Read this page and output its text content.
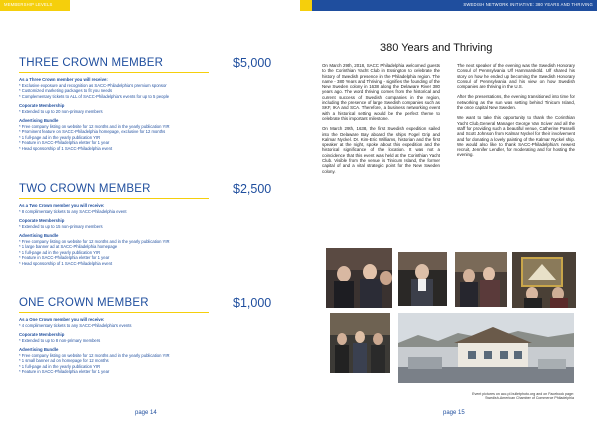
MEMBERSHIP LEVELS
THREE CROWN MEMBER	$5,000
As a Three Crown member you will receive:
* Exclusive exposure and recognition as SACC-Philadelphia's premium sponsor
* Customized marketing packages to fit you needs
* Complementary tickets to ALL of SACC-Philadelphia's events for up to 5 people
Coporate Membership
* Extended to up to 20 non-primary members
Advertising Bundle
* Free company listing on website for 12 months and in the yearly publication YIR
* Prominent feature on SACC-Philadelphia homepage, exclusive for 12 months
* 1 full-page ad in the yearly publication YIR
* Feature in SACC-Philadelphia eletter for 1 year
* Head sponsorship of 1 SACC-Philadelphia event
TWO CROWN MEMBER	$2,500
As a Two Crown member you will receive:
* 8 complimentary tickets to any SACC-Philadelphia event
Coporate Membership
* Extended to up to 15 non-primary members
Advertising Bundle
* Free company listing on website for 12 months and in the yearly publication YIR
* 1 large banner ad at SACC-Philadelphia homepage
* 1 full-page ad in the yearly publication YIR
* Feature in SACC-Philadelphia eletter for 1 year
* Head sponsorship of 1 SACC-Philadelphia event
ONE CROWN MEMBER	$1,000
As a One Crown member you will receive:
* 4 complimentary tickets to any SACC-Philadelphia's events
Coporate Membership
* Extended to up to 8 non-primary members
Advertising Bundle
* Free company listing on website for 12 months and in the yearly publication YIR
* 1 small banner ad on homepage for 12 months
* 1 full-page ad in the yearly publication YIR
* Feature in SACC-Philadelphia eletter for 1 year
page 14
SWEDISH NETWORK INITIATIVE: 380 YEARS AND THRIVING
380 Years and Thriving

On March 29th, 2018, SACC Philadelphia welcomed guests to the Corinthian Yacht Club in Essington to celebrate the history of Swedish presence in the Philadelphia region. The name - 380 Years and Thriving - signifies the founding of the New Sweden colony in 1638 along the Delaware River 380 years ago. The word thriving comes from the historical and current success of Swedish companies in the region, including the presence of large Swedish companies such as SKF, IKA and SCA. Therefore, a business networking event with a historical setting would be the perfect theme to celebrate this important milestone.

On March 29th, 1638, the first Swedish expedition sailed into the Delaware Bay aboard the ships Fogel Grip and Kalmar Nyckel. Dr. Kim-Eric Williams, historian and the first speaker at the night, spoke about this expedition and the historical significance of the location. It was not a coincidence that this event was held at the Corinthian Yacht Club. Visible from the venue is Tinicum Island, the former capital of and a vital strategic point for the New Sweden colony.

The next speaker of the evening was the Swedish Honorary Consul of Pennsylvania Ulf Hammarsköld. Ulf shared his story on how he ended up becoming the Swedish Honorary Consul of Pennsylvania and his view on how Swedish companies are thriving in the U.S.

After the presentations, the evening transitioned into time for networking as the sun was setting behind Tinicum Island, the once capital New Sweden.

We want to take this opportunity to thank the Corinthian Yacht Club,General Manager George Van Sciver and all the staff for providing such a beautiful venue, Catherine Passelli and Scott Johnson from Kalmar Nyckel for their involvement and for donating a lovely painting of the Kalmar Nyckel ship. We would also like to thank SACC-Philadelphia's newest recruit, Jennifer Lendler, for moderating and for hosting the evening.

Event pictures on acc.pI.bulletphoto.org and on Facebook page:
Swedish-American Chamber of Commerce Philadelphia
page 15
